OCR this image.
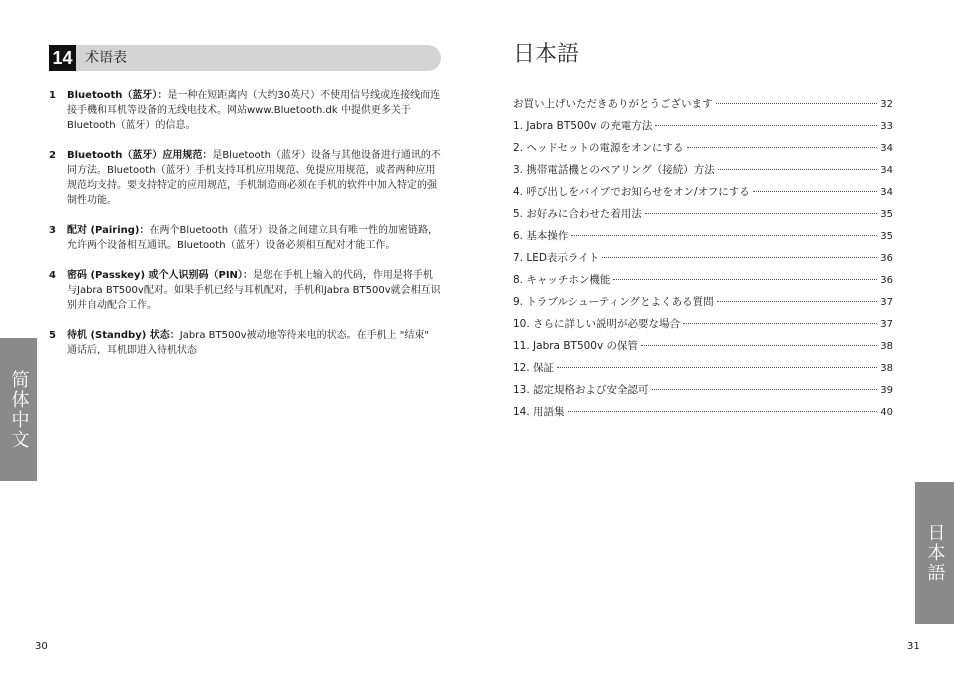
14 术语表
1 Bluetooth（蓝牙）：是一种在短距离内（大约30英尺）不使用信号线或连接线而连接手機和耳机等设备的无线电技术。网站www.Bluetooth.dk 中提供更多关于Bluetooth（蓝牙）的信息。
2 Bluetooth（蓝牙）应用规范：是Bluetooth（蓝牙）设备与其他设备进行通讯的不同方法。Bluetooth（蓝牙）手机支持耳机应用规范、免提应用规范，或者两种应用规范均支持。要支持特定的应用规范，手机制造商必须在手机的软件中加入特定的强制性功能。
3 配对 (Pairing)：在两个Bluetooth（蓝牙）设备之间建立具有唯一性的加密链路，允许两个设备相互通讯。Bluetooth（蓝牙）设备必须相互配对才能工作。
4 密码 (Passkey) 或个人识别码（PIN）：是您在手机上输入的代码，作用是将手机与Jabra BT500v配对。如果手机已经与耳机配对，手机和Jabra BT500v就会相互识别并自动配合工作。
5 待机 (Standby) 状态：Jabra BT500v被动地等待来电的状态。在手机上 "结束" 通话后，耳机即进入待机状态
简体中文
30
日本語
お買い上げいただきありがとうございます	32
1. Jabra BT500v の充電方法	33
2. ヘッドセットの電源をオンにする	34
3. 携帯電話機とのペアリング（接続）方法	34
4. 呼び出しをバイブでお知らせをオン/オフにする	34
5. お好みに合わせた着用法	35
6. 基本操作	35
7. LED表示ライト	36
8. キャッチホン機能	36
9. トラブルシューティングとよくある質問	37
10. さらに詳しい説明が必要な場合	37
11. Jabra BT500v の保管	38
12. 保証	38
13. 認定規格および安全認可	39
14. 用語集	40
日本語
31
